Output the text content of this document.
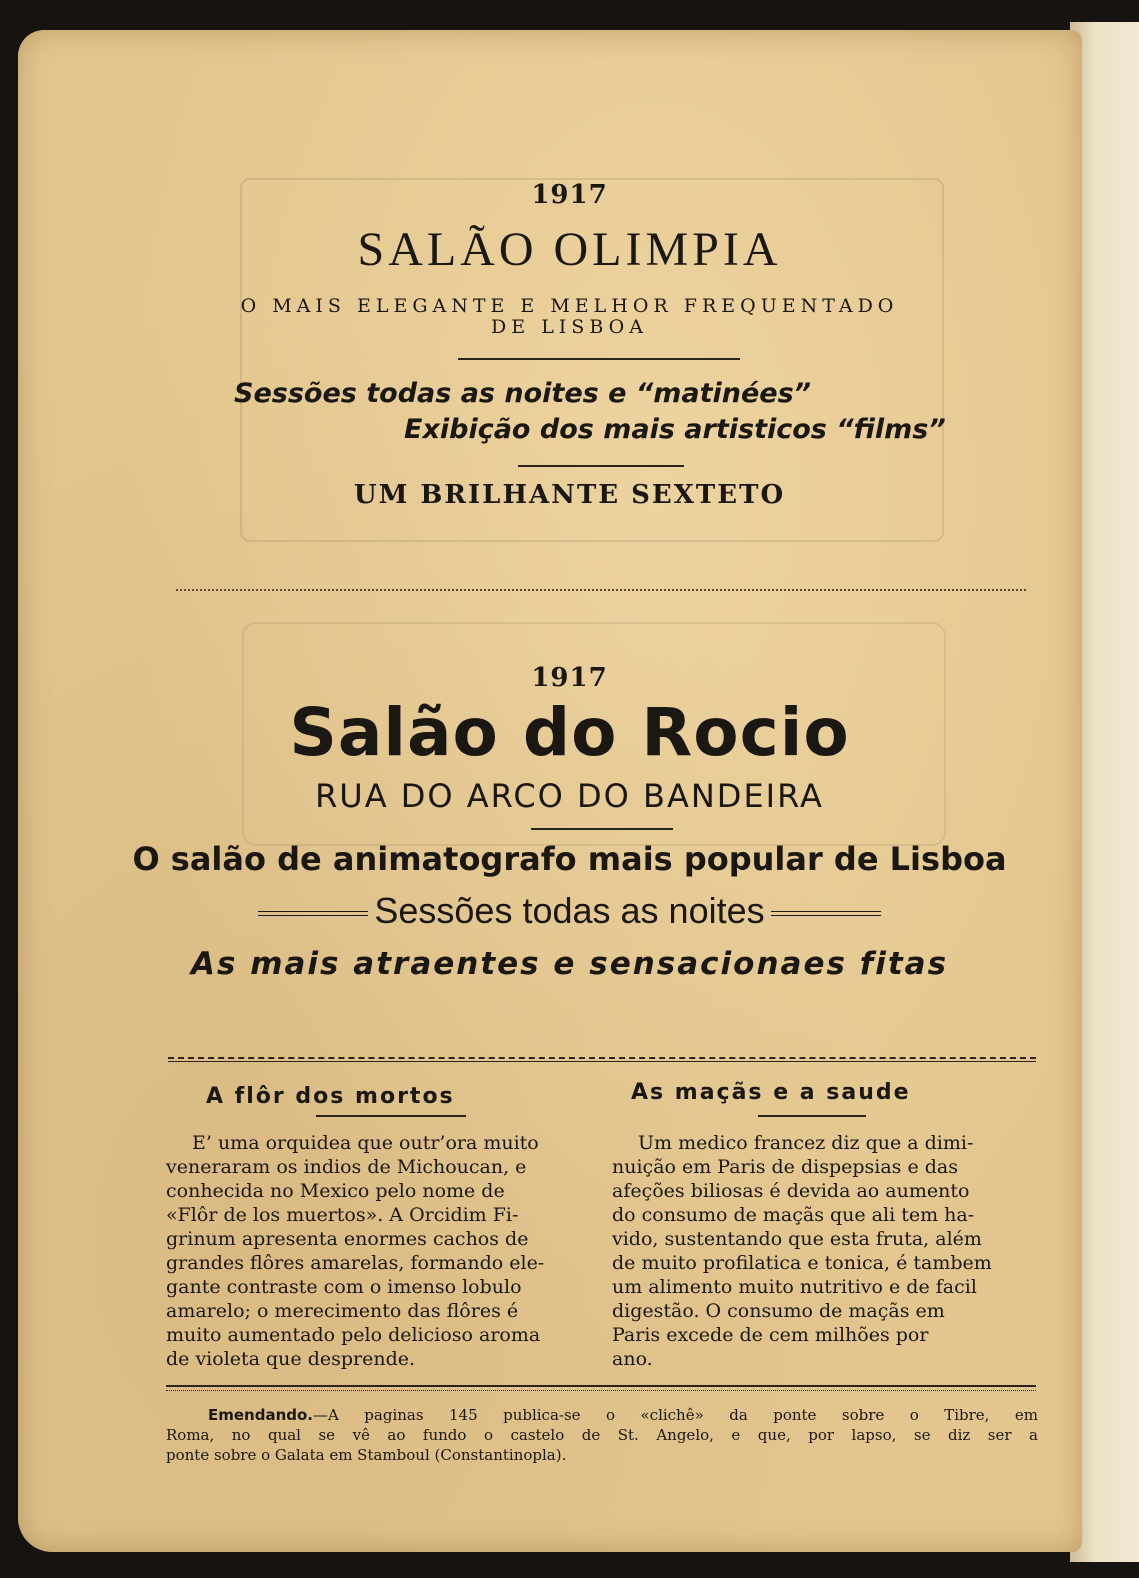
1917
SALÃO OLIMPIA
O MAIS ELEGANTE E MELHOR FREQUENTADO
DE LISBOA
Sessões todas as noites e “matinées”
Exibição dos mais artisticos “films”
UM BRILHANTE SEXTETO
1917
Salão do Rocio
RUA DO ARCO DO BANDEIRA
O salão de animatografo mais popular de Lisboa
Sessões todas as noites
As mais atraentes e sensacionaes fitas
A flôr dos mortos
E’ uma orquidea que outr’ora muito
veneraram os indios de Michoucan, e
conhecida no Mexico pelo nome de
«Flôr de los muertos». A Orcidim Fi-
grinum apresenta enormes cachos de
grandes flôres amarelas, formando ele-
gante contraste com o imenso lobulo
amarelo; o merecimento das flôres é
muito aumentado pelo delicioso aroma
de violeta que desprende.
As maçãs e a saude
Um medico francez diz que a dimi-
nuição em Paris de dispepsias e das
afeções biliosas é devida ao aumento
do consumo de maçãs que ali tem ha-
vido, sustentando que esta fruta, além
de muito profilatica e tonica, é tambem
um alimento muito nutritivo e de facil
digestão. O consumo de maçãs em
Paris excede de cem milhões por
ano.
Emendando.—A paginas 145 publica-se o «clichê» da ponte sobre o Tibre, em
Roma, no qual se vê ao fundo o castelo de St. Angelo, e que, por lapso, se diz ser a
ponte sobre o Galata em Stamboul (Constantinopla).
